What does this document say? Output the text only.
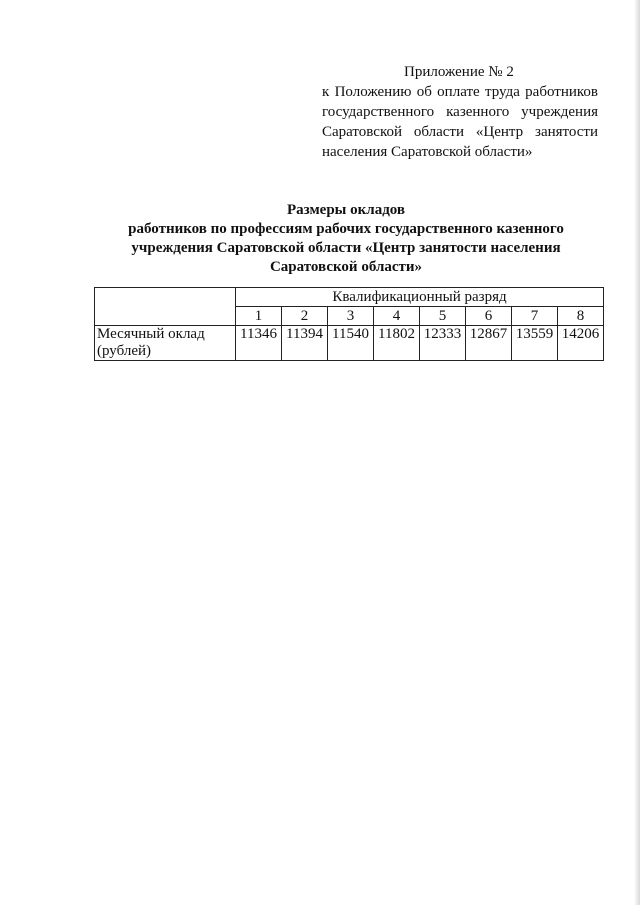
Приложение № 2
к Положению об оплате труда работников
государственного казенного учреждения
Саратовской области «Центр занятости
населения Саратовской области»
Размеры окладов
работников по профессиям рабочих государственного казенного
учреждения Саратовской области «Центр занятости населения
Саратовской области»
	Квалификационный разряд							
	1	2	3	4	5	6	7	8
Месячный оклад
(рублей)	11346	11394	11540	11802	12333	12867	13559	14206
